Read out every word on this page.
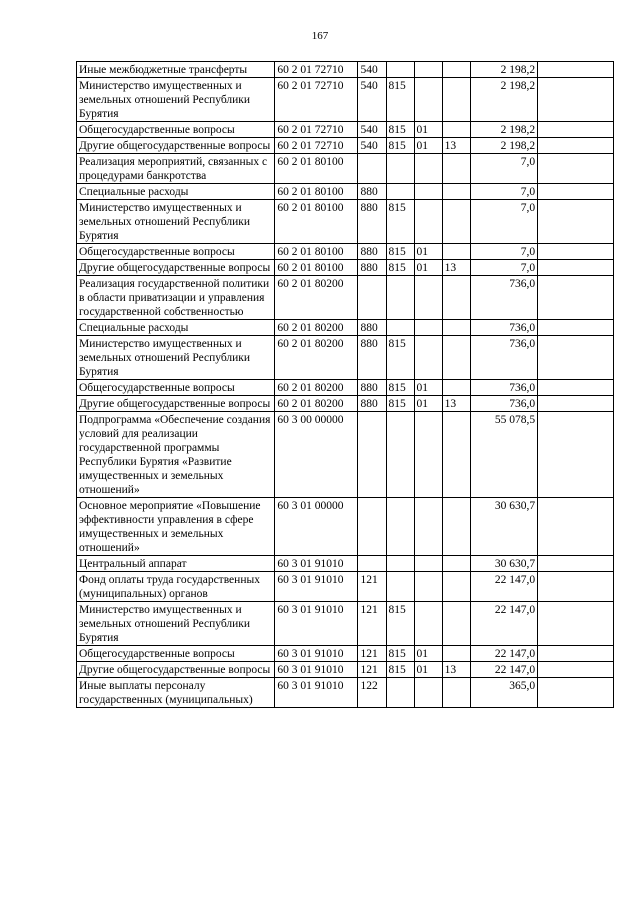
167
Иные межбюджетные трансферты	60 2 01 72710	540				2 198,2	
Министерство имущественных и земельных отношений Республики Бурятия	60 2 01 72710	540	815			2 198,2	
Общегосударственные вопросы	60 2 01 72710	540	815	01		2 198,2	
Другие общегосударственные вопросы	60 2 01 72710	540	815	01	13	2 198,2	
Реализация мероприятий, связанных с процедурами банкротства	60 2 01 80100					7,0	
Специальные расходы	60 2 01 80100	880				7,0	
Министерство имущественных и земельных отношений Республики Бурятия	60 2 01 80100	880	815			7,0	
Общегосударственные вопросы	60 2 01 80100	880	815	01		7,0	
Другие общегосударственные вопросы	60 2 01 80100	880	815	01	13	7,0	
Реализация государственной политики в области приватизации и управления государственной собственностью	60 2 01 80200					736,0	
Специальные расходы	60 2 01 80200	880				736,0	
Министерство имущественных и земельных отношений Республики Бурятия	60 2 01 80200	880	815			736,0	
Общегосударственные вопросы	60 2 01 80200	880	815	01		736,0	
Другие общегосударственные вопросы	60 2 01 80200	880	815	01	13	736,0	
Подпрограмма «Обеспечение создания условий для реализации государственной программы Республики Бурятия «Развитие имущественных и земельных отношений»	60 3 00 00000					55 078,5	
Основное мероприятие «Повышение эффективности управления в сфере имущественных и земельных отношений»	60 3 01 00000					30 630,7	
Центральный аппарат	60 3 01 91010					30 630,7	
Фонд оплаты труда государственных (муниципальных) органов	60 3 01 91010	121				22 147,0	
Министерство имущественных и земельных отношений Республики Бурятия	60 3 01 91010	121	815			22 147,0	
Общегосударственные вопросы	60 3 01 91010	121	815	01		22 147,0	
Другие общегосударственные вопросы	60 3 01 91010	121	815	01	13	22 147,0	
Иные выплаты персоналу государственных (муниципальных)	60 3 01 91010	122				365,0	
